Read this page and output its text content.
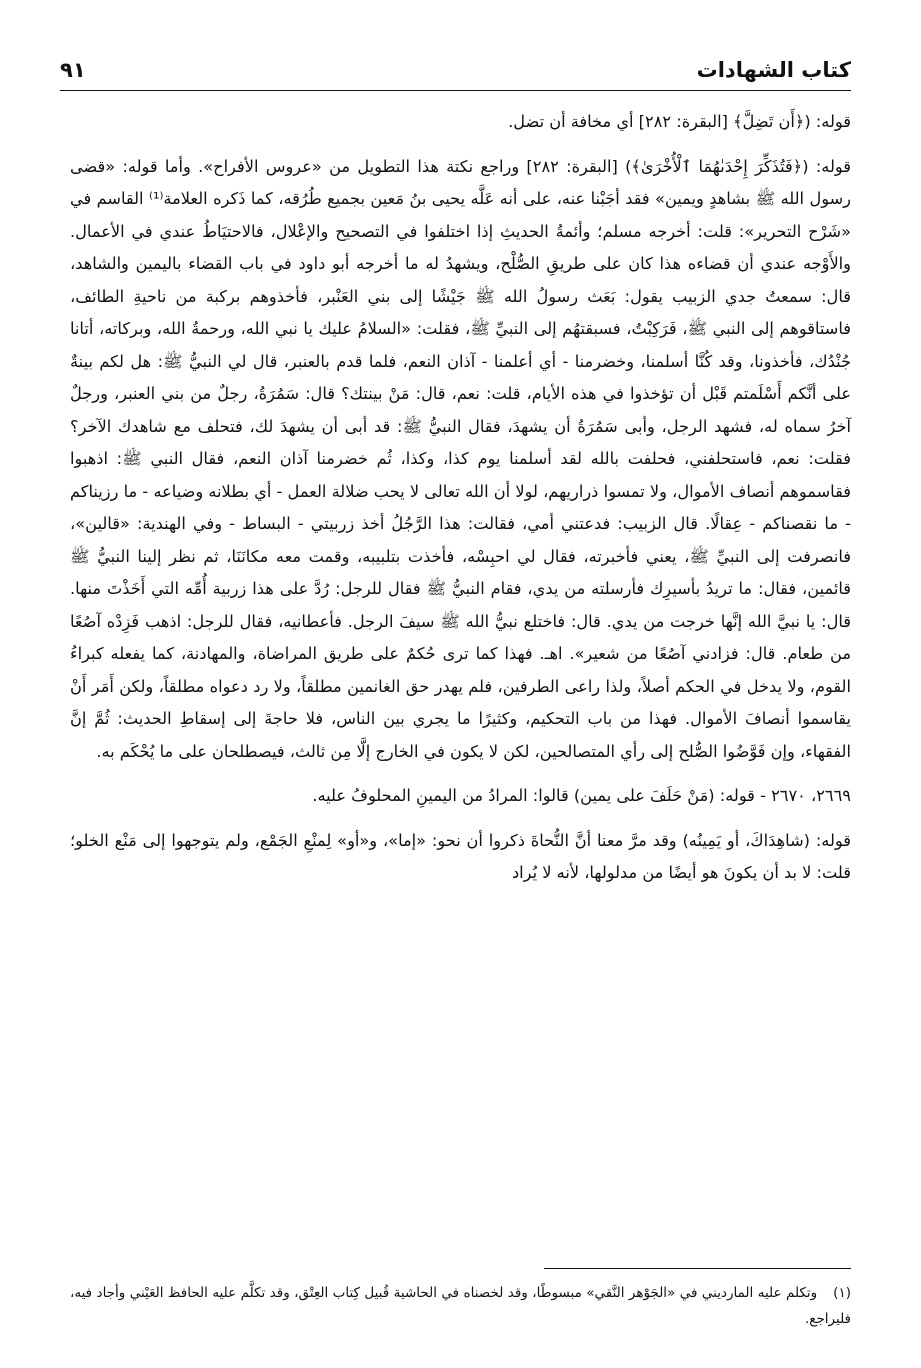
كتاب الشهادات
٩١

قوله: (﴿أَن تَضِلَّ﴾ [البقرة: ٢٨٢] أي مخافة أن تضل.

قوله: (﴿فَتُذَكِّرَ إِحْدَىٰهُمَا ٱلْأُخْرَىٰ﴾) [البقرة: ٢٨٢] وراجع نكتة هذا التطويل من «عروس الأفراح». وأما قوله: «قضى رسول الله ﷺ بشاهدٍ ويمين» فقد أجَبْنا عنه، على أنه عَلَّه يحيى بنُ مَعين بجميع طُرُقه، كما ذَكره العلامة⁽¹⁾ القاسم في «شَرْح التحرير»: قلت: أخرجه مسلم؛ وأئمةُ الحديثِ إذا اختلفوا في التصحيح والإعْلال، فالاحتيَاطُ عندي في الأعمال. والأَوْجه عندي أن قضاءه هذا كان على طريقِ الصُّلْح، ويشهدُ له ما أخرجه أبو داود في باب القضاء باليمين والشاهد، قال: سمعتُ جدي الزبيب يقول: بَعَث رسولُ الله ﷺ جَيْشًا إلى بني العَنْبر، فأخذوهم بركبة من ناحيةِ الطائف، فاستاقوهم إلى النبي ﷺ، فَرَكِبْتُ، فسبقتهُم إلى النبيِّ ﷺ، فقلت: «السلامُ عليك يا نبي الله، ورحمةُ الله، وبركاته، أتانا جُنْدُك، فأخذونا، وقد كُنَّا أسلمنا، وخضرمنا - أي أعلمنا - آذان النعم، فلما قدم بالعنبر، قال لي النبيُّ ﷺ: هل لكم بينةٌ على أنَّكم أَسْلَمتم قَبْل أن تؤخذوا في هذه الأيام، قلت: نعم، قال: مَنْ بينتك؟ قال: سَمُرَةُ، رجلٌ من بني العنبر، ورجلٌ آخرُ سماه له، فشهد الرجل، وأبى سَمُرَةُ أن يشهدَ، فقال النبيُّ ﷺ: قد أبى أن يشهدَ لك، فتحلف مع شاهدك الآخر؟ فقلت: نعم، فاستحلفني، فحلفت بالله لقد أسلمنا يوم كذا، وكذا، ثُم خضرمنا آذان النعم، فقال النبي ﷺ: اذهبوا فقاسموهم أنصاف الأموال، ولا تمسوا ذراريهم، لولا أن الله تعالى لا يحب ضلالة العمل - أي بطلانه وضياعه - ما رزيناكم - ما نقصناكم - عِقالًا. قال الزبيب: فدعتني أمي، فقالت: هذا الرَّجُلُ أخذ زربيتي - البساط - وفي الهندية: «قالين»، فانصرفت إلى النبيِّ ﷺ، يعني فأخبرته، فقال لي احبِسْه، فأخذت بتلبيبه، وقمت معه مكانَنَا، ثم نظر إلينا النبيُّ ﷺ قائمين، فقال: ما تريدُ بأسيرِك فأرسلته من يدي، فقام النبيُّ ﷺ فقال للرجل: رُدَّ على هذا زربية أُمِّه التي أَخَذْتَ منها. قال: يا نبيَّ الله إنَّها خرجت من يدي. قال: فاختلع نبيُّ الله ﷺ سيفَ الرجل. فأعطانيه، فقال للرجل: اذهب فَزِدْه آصُعًا من طعام. قال: فزادني آصُعًا من شعير». اهـ. فهذا كما ترى حُكمٌ على طريق المراضاة، والمهادنة، كما يفعله كبراءُ القوم، ولا يدخل في الحكم أصلاً، ولذا راعى الطرفين، فلم يهدر حق الغانمين مطلقاً، ولا رد دعواه مطلقاً، ولكن أَمَر أَنْ يقاسموا أنصافَ الأموال. فهذا من باب التحكيم، وكثيرًا ما يجري بين الناس، فلا حاجةَ إلى إسقاطِ الحديث: ثُمَّ إنَّ الفقهاء، وإن فَوَّضُوا الصُّلح إلى رأي المتصالحين، لكن لا يكون في الخارج إلَّا مِن ثالث، فيصطلحان على ما يُحْكَم به.

٢٦٦٩، ٢٦٧٠ - قوله: (مَنْ حَلَفَ على يمين) قالوا: المرادُ من اليمينِ المحلوفُ عليه.

قوله: (شاهِدَاكَ، أو يَمِينُه) وقد مرَّ معنا أنَّ النُّحاةَ ذكروا أن نحو: «إما»، و«أو» لِمنْعِ الجَمْع، ولم يتوجهوا إلى مَنْع الخلو؛ قلت: لا بد أن يكونَ هو أيضًا من مدلولها، لأنه لا يُراد

(١)وتكلم عليه المارديني في «الجَوْهر النَّقي» مبسوطًا، وقد لخصناه في الحاشية قُبيل كِتاب العِتْق، وقد تكلَّم عليه الحافظ العَيْني وأجاد فيه، فليراجع.
